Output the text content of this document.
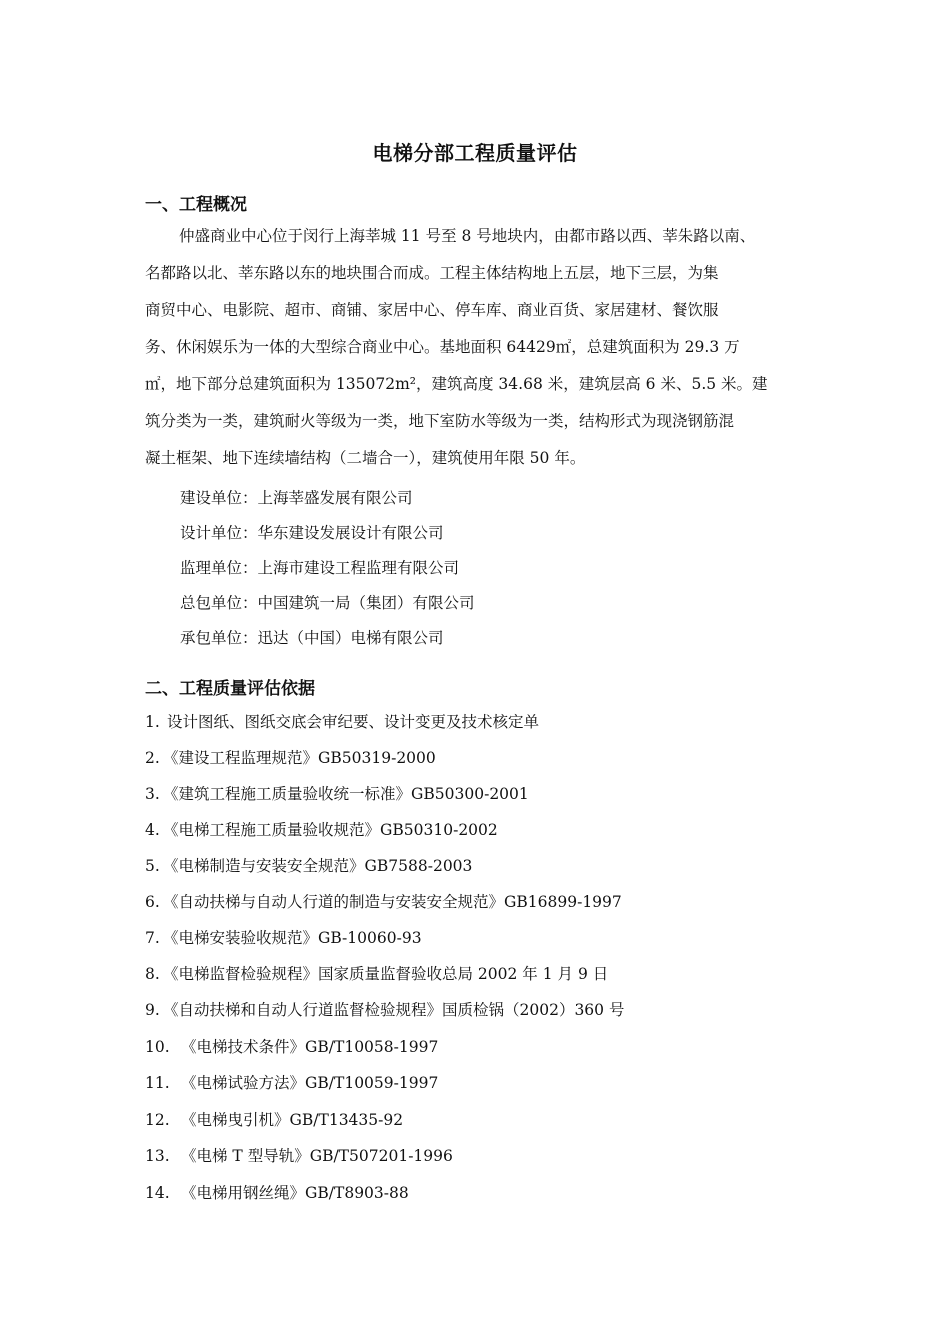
电梯分部工程质量评估
一、工程概况
仲盛商业中心位于闵行上海莘城 11 号至 8 号地块内，由都市路以西、莘朱路以南、
名都路以北、莘东路以东的地块围合而成。工程主体结构地上五层，地下三层，为集
商贸中心、电影院、超市、商铺、家居中心、停车库、商业百货、家居建材、餐饮服
务、休闲娱乐为一体的大型综合商业中心。基地面积 64429㎡，总建筑面积为 29.3 万
㎡，地下部分总建筑面积为 135072m²，建筑高度 34.68 米，建筑层高 6 米、5.5 米。建
筑分类为一类，建筑耐火等级为一类，地下室防水等级为一类，结构形式为现浇钢筋混
凝土框架、地下连续墙结构（二墙合一），建筑使用年限 50 年。
建设单位：上海莘盛发展有限公司
设计单位：华东建设发展设计有限公司
监理单位：上海市建设工程监理有限公司
总包单位：中国建筑一局（集团）有限公司
承包单位：迅达（中国）电梯有限公司
二、工程质量评估依据
1. 设计图纸、图纸交底会审纪要、设计变更及技术核定单
2. 《建设工程监理规范》GB50319-2000
3. 《建筑工程施工质量验收统一标准》GB50300-2001
4. 《电梯工程施工质量验收规范》GB50310-2002
5. 《电梯制造与安装安全规范》GB7588-2003
6. 《自动扶梯与自动人行道的制造与安装安全规范》GB16899-1997
7. 《电梯安装验收规范》GB-10060-93
8. 《电梯监督检验规程》国家质量监督验收总局 2002 年 1 月 9 日
9. 《自动扶梯和自动人行道监督检验规程》国质检锅（2002）360 号
10. 《电梯技术条件》GB/T10058-1997
11. 《电梯试验方法》GB/T10059-1997
12. 《电梯曳引机》GB/T13435-92
13. 《电梯 T 型导轨》GB/T507201-1996
14. 《电梯用钢丝绳》GB/T8903-88
